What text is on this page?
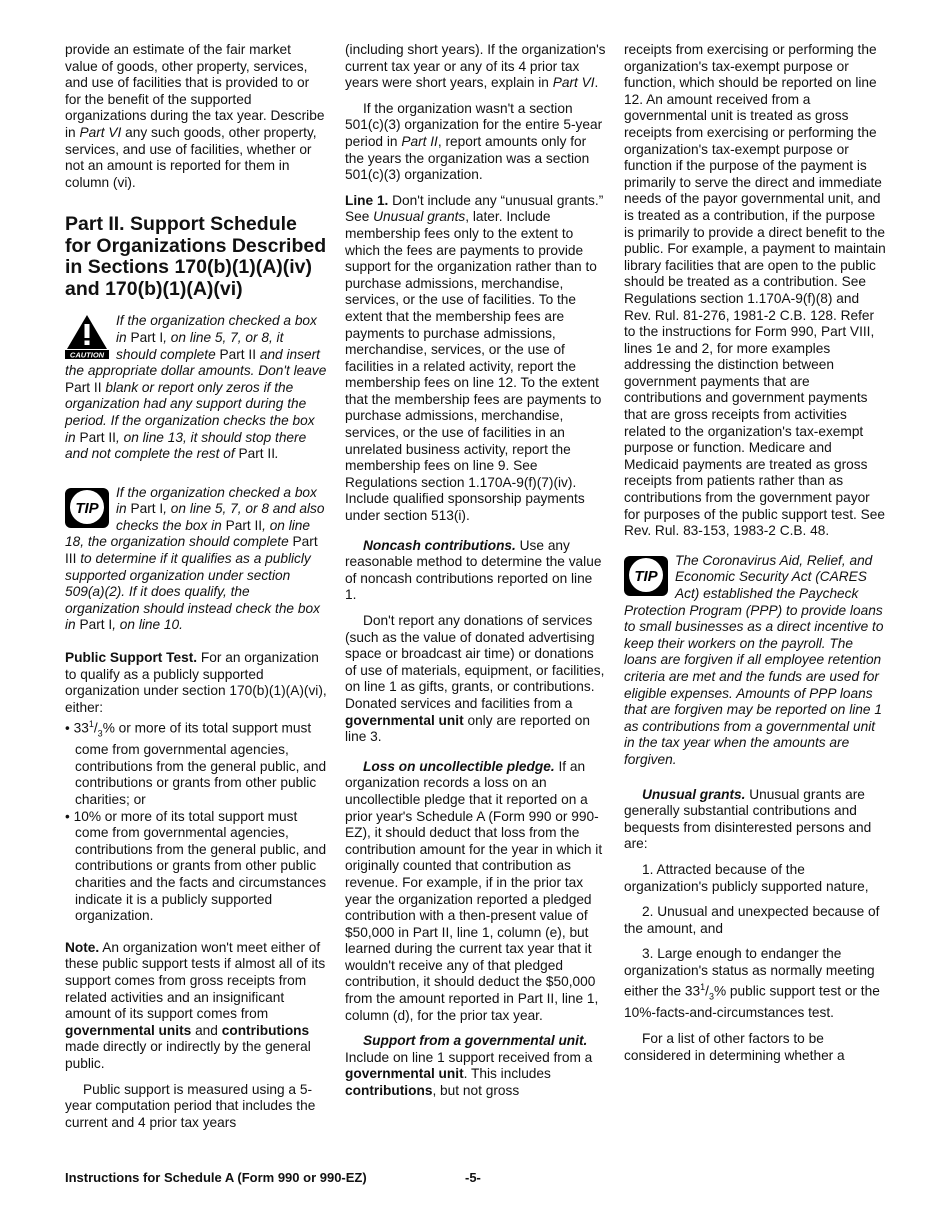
provide an estimate of the fair market value of goods, other property, services, and use of facilities that is provided to or for the benefit of the supported organizations during the tax year. Describe in Part VI any such goods, other property, services, and use of facilities, whether or not an amount is reported for them in column (vi).

Part II. Support Schedule for Organizations Described in Sections 170(b)(1)(A)(iv) and 170(b)(1)(A)(vi)
CAUTION
If the organization checked a box in Part I, on line 5, 7, or 8, it should complete Part II and insert the appropriate dollar amounts. Don't leave Part II blank or report only zeros if the organization had any support during the period. If the organization checks the box in Part II, on line 13, it should stop there and not complete the rest of Part II.
TIP
If the organization checked a box in Part I, on line 5, 7, or 8 and also checks the box in Part II, on line 18, the organization should complete Part III to determine if it qualifies as a publicly supported organization under section 509(a)(2). If it does qualify, the organization should instead check the box in Part I, on line 10.

Public Support Test. For an organization to qualify as a publicly supported organization under section 170(b)(1)(A)(vi), either:

• $33^1/_3\%$ or more of its total support must come from governmental agencies, contributions from the general public, and contributions or grants from other public charities; or

• 10% or more of its total support must come from governmental agencies, contributions from the general public, and contributions or grants from other public charities and the facts and circumstances indicate it is a publicly supported organization.

Note. An organization won't meet either of these public support tests if almost all of its support comes from gross receipts from related activities and an insignificant amount of its support comes from governmental units and contributions made directly or indirectly by the general public.

Public support is measured using a 5-year computation period that includes the current and 4 prior tax years

(including short years). If the organization's current tax year or any of its 4 prior tax years were short years, explain in Part VI.

If the organization wasn't a section 501(c)(3) organization for the entire 5-year period in Part II, report amounts only for the years the organization was a section 501(c)(3) organization.

Line 1. Don't include any “unusual grants.” See Unusual grants, later. Include membership fees only to the extent to which the fees are payments to provide support for the organization rather than to purchase admissions, merchandise, services, or the use of facilities. To the extent that the membership fees are payments to purchase admissions, merchandise, services, or the use of facilities in a related activity, report the membership fees on line 12. To the extent that the membership fees are payments to purchase admissions, merchandise, services, or the use of facilities in an unrelated business activity, report the membership fees on line 9. See Regulations section 1.170A-9(f)(7)(iv). Include qualified sponsorship payments under section 513(i).

Noncash contributions. Use any reasonable method to determine the value of noncash contributions reported on line 1.

Don't report any donations of services (such as the value of donated advertising space or broadcast air time) or donations of use of materials, equipment, or facilities, on line 1 as gifts, grants, or contributions. Donated services and facilities from a governmental unit only are reported on line 3.

Loss on uncollectible pledge. If an organization records a loss on an uncollectible pledge that it reported on a prior year's Schedule A (Form 990 or 990-EZ), it should deduct that loss from the contribution amount for the year in which it originally counted that contribution as revenue. For example, if in the prior tax year the organization reported a pledged contribution with a then-present value of $50,000 in Part II, line 1, column (e), but learned during the current tax year that it wouldn't receive any of that pledged contribution, it should deduct the $50,000 from the amount reported in Part II, line 1, column (d), for the prior tax year.

Support from a governmental unit. Include on line 1 support received from a governmental unit. This includes contributions, but not gross

receipts from exercising or performing the organization's tax-exempt purpose or function, which should be reported on line 12. An amount received from a governmental unit is treated as gross receipts from exercising or performing the organization's tax-exempt purpose or function if the purpose of the payment is primarily to serve the direct and immediate needs of the payor governmental unit, and is treated as a contribution, if the purpose is primarily to provide a direct benefit to the public. For example, a payment to maintain library facilities that are open to the public should be treated as a contribution. See Regulations section 1.170A-9(f)(8) and Rev. Rul. 81-276, 1981-2 C.B. 128. Refer to the instructions for Form 990, Part VIII, lines 1e and 2, for more examples addressing the distinction between government payments that are contributions and government payments that are gross receipts from activities related to the organization's tax-exempt purpose or function. Medicare and Medicaid payments are treated as gross receipts from patients rather than as contributions from the government payor for purposes of the public support test. See Rev. Rul. 83-153, 1983-2 C.B. 48.

TIP
The Coronavirus Aid, Relief, and Economic Security Act (CARES Act) established the Paycheck Protection Program (PPP) to provide loans to small businesses as a direct incentive to keep their workers on the payroll. The loans are forgiven if all employee retention criteria are met and the funds are used for eligible expenses. Amounts of PPP loans that are forgiven may be reported on line 1 as contributions from a governmental unit in the tax year when the amounts are forgiven.

Unusual grants. Unusual grants are generally substantial contributions and bequests from disinterested persons and are:

1. Attracted because of the organization's publicly supported nature,

2. Unusual and unexpected because of the amount, and

3. Large enough to endanger the organization's status as normally meeting either the $33^1/_3\%$ public support test or the
10%-facts-and-circumstances test.

For a list of other factors to be considered in determining whether a

Instructions for Schedule A (Form 990 or 990-EZ)	-5-
